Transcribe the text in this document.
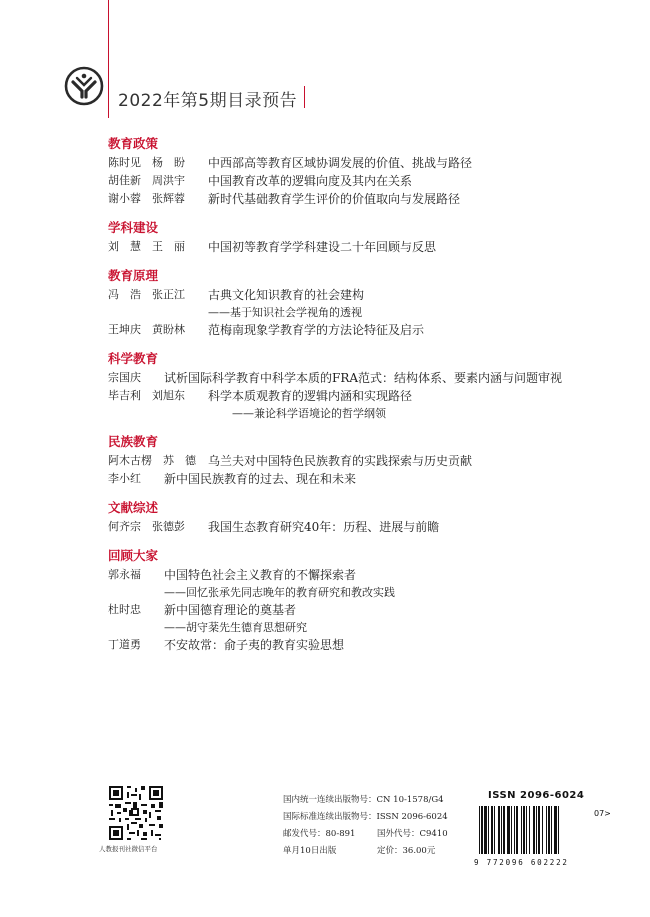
2022年第5期目录预告
教育政策
陈时见　杨　盼	中西部高等教育区域协调发展的价值、挑战与路径
胡佳新　周洪宇	中国教育改革的逻辑向度及其内在关系
谢小蓉　张辉蓉	新时代基础教育学生评价的价值取向与发展路径
学科建设
刘　慧　王　丽	中国初等教育学学科建设二十年回顾与反思
教育原理
冯　浩　张正江	古典文化知识教育的社会建构
——基于知识社会学视角的透视
王坤庆　黄盼林	范梅南现象学教育学的方法论特征及启示
科学教育
宗国庆	试析国际科学教育中科学本质的FRA范式：结构体系、要素内涵与问题审视
毕吉利　刘旭东	科学本质观教育的逻辑内涵和实现路径
——兼论科学语境论的哲学纲领
民族教育
阿木古楞　苏　德	乌兰夫对中国特色民族教育的实践探索与历史贡献
李小红	新中国民族教育的过去、现在和未来
文献综述
何齐宗　张德彭	我国生态教育研究40年：历程、进展与前瞻
回顾大家
郭永福	中国特色社会主义教育的不懈探索者
——回忆张承先同志晚年的教育研究和教改实践
杜时忠	新中国德育理论的奠基者
——胡守棻先生德育思想研究
丁道勇	不安故常：俞子夷的教育实验思想
人教报刊社微信平台
国内统一连续出版物号： CN 10-1578/G4
国际标准连续出版物号： ISSN 2096-6024
邮发代号：80-891	国外代号：C9410
单月10日出版	定价：36.00元
ISSN 2096-6024
07>
9 772096 602222
